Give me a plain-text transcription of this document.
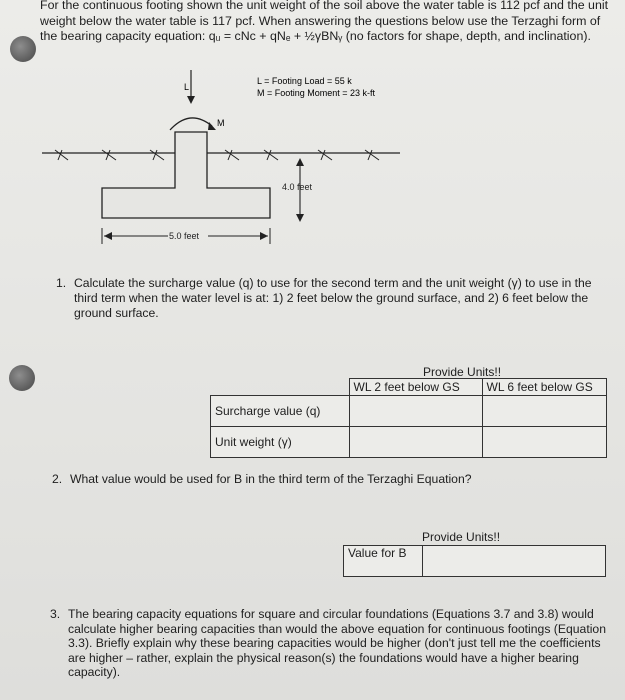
For the continuous footing shown the unit weight of the soil above the water table is 112 pcf and the unit weight below the water table is 117 pcf. When answering the questions below use the Terzaghi form of the bearing capacity equation: qᵤ = cNᴄ + qNₑ + ½γBNᵧ (no factors for shape, depth, and inclination).

L
L = Footing Load = 55 k
M = Footing Moment = 23 k-ft
M
4.0 feet
5.0 feet
1. Calculate the surcharge value (q) to use for the second term and the unit weight (γ) to use in the third term when the water level is at: 1) 2 feet below the ground surface, and 2) 6 feet below the ground surface.
Provide Units!!
	WL 2 feet below GS	WL 6 feet below GS
Surcharge value (q)		
Unit weight (γ)		
2. What value would be used for B in the third term of the Terzaghi Equation?
Provide Units!!
Value for B	
3. The bearing capacity equations for square and circular foundations (Equations 3.7 and 3.8) would calculate higher bearing capacities than would the above equation for continuous footings (Equation 3.3). Briefly explain why these bearing capacities would be higher (don't just tell me the coefficients are higher – rather, explain the physical reason(s) the foundations would have a higher bearing capacity).
